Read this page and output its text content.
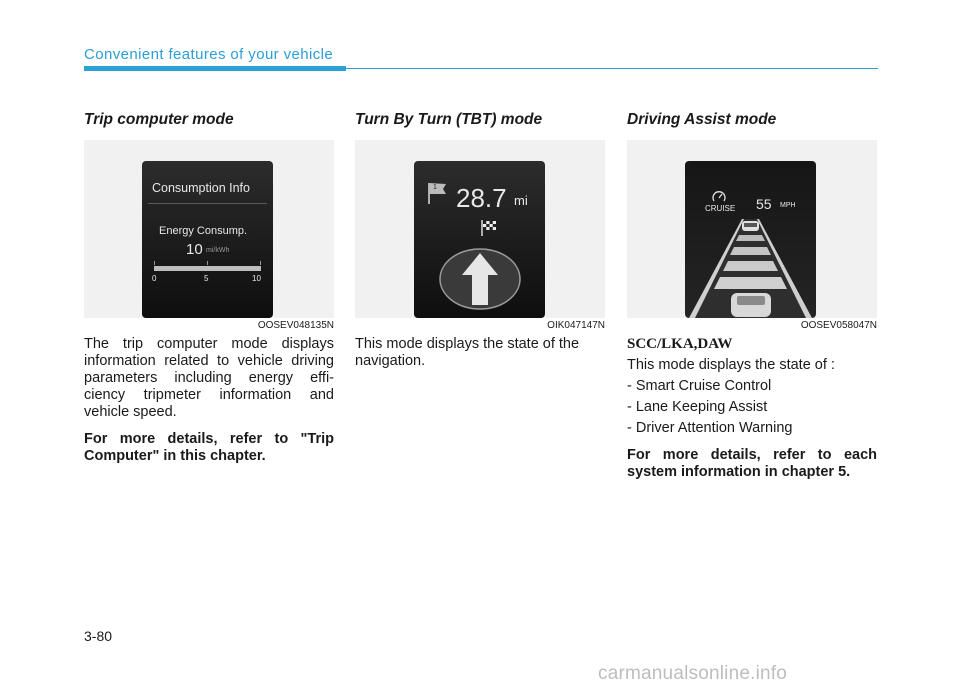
Convenient features of your vehicle

Trip computer mode

Consumption Info
Energy Consump.
10 mi/kWh
0	5	10

OOSEV048135N

The trip computer mode displays information related to vehicle driving parameters including energy effi- ciency tripmeter information and vehicle speed.

For more details, refer to "Trip Computer" in this chapter.

Turn By Turn (TBT) mode

1 28.7 mi

OIK047147N

This mode displays the state of the navigation.

Driving Assist mode

CRUISE 55 MPH

OOSEV058047N

SCC/LKA,DAW

This mode displays the state of :

- Smart Cruise Control

- Lane Keeping Assist

- Driver Attention Warning

For more details, refer to each system information in chapter 5.

3-80
carmanualsonline.info
